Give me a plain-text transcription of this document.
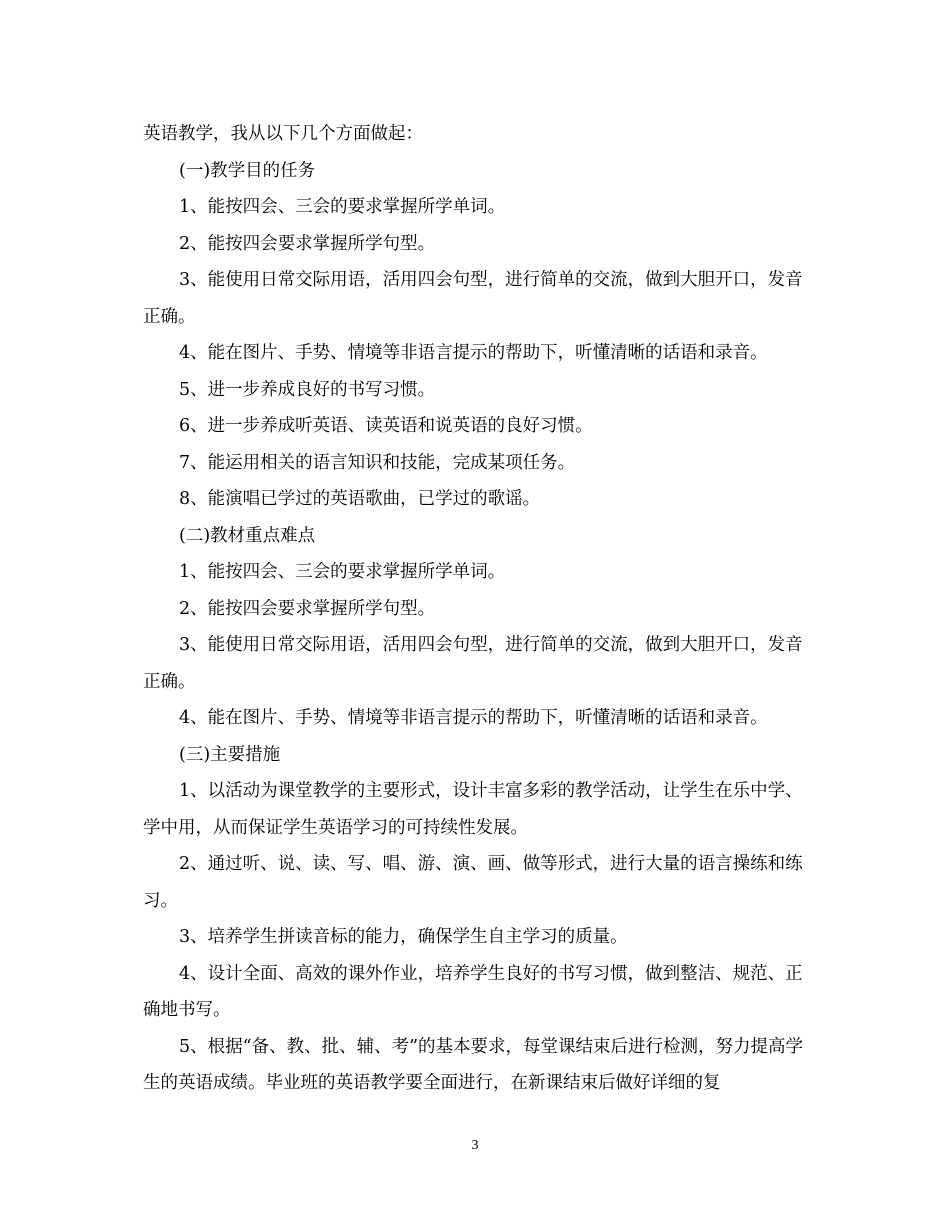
英语教学，我从以下几个方面做起：

(一)教学目的任务

1、能按四会、三会的要求掌握所学单词。

2、能按四会要求掌握所学句型。

3、能使用日常交际用语，活用四会句型，进行简单的交流，做到大胆开口，发音正确。

4、能在图片、手势、情境等非语言提示的帮助下，听懂清晰的话语和录音。

5、进一步养成良好的书写习惯。

6、进一步养成听英语、读英语和说英语的良好习惯。

7、能运用相关的语言知识和技能，完成某项任务。

8、能演唱已学过的英语歌曲，已学过的歌谣。

(二)教材重点难点

1、能按四会、三会的要求掌握所学单词。

2、能按四会要求掌握所学句型。

3、能使用日常交际用语，活用四会句型，进行简单的交流，做到大胆开口，发音正确。

4、能在图片、手势、情境等非语言提示的帮助下，听懂清晰的话语和录音。

(三)主要措施

1、以活动为课堂教学的主要形式，设计丰富多彩的教学活动，让学生在乐中学、学中用，从而保证学生英语学习的可持续性发展。

2、通过听、说、读、写、唱、游、演、画、做等形式，进行大量的语言操练和练习。

3、培养学生拼读音标的能力，确保学生自主学习的质量。

4、设计全面、高效的课外作业，培养学生良好的书写习惯，做到整洁、规范、正确地书写。

5、根据“备、教、批、辅、考”的基本要求，每堂课结束后进行检测，努力提高学生的英语成绩。毕业班的英语教学要全面进行，在新课结束后做好详细的复

3
